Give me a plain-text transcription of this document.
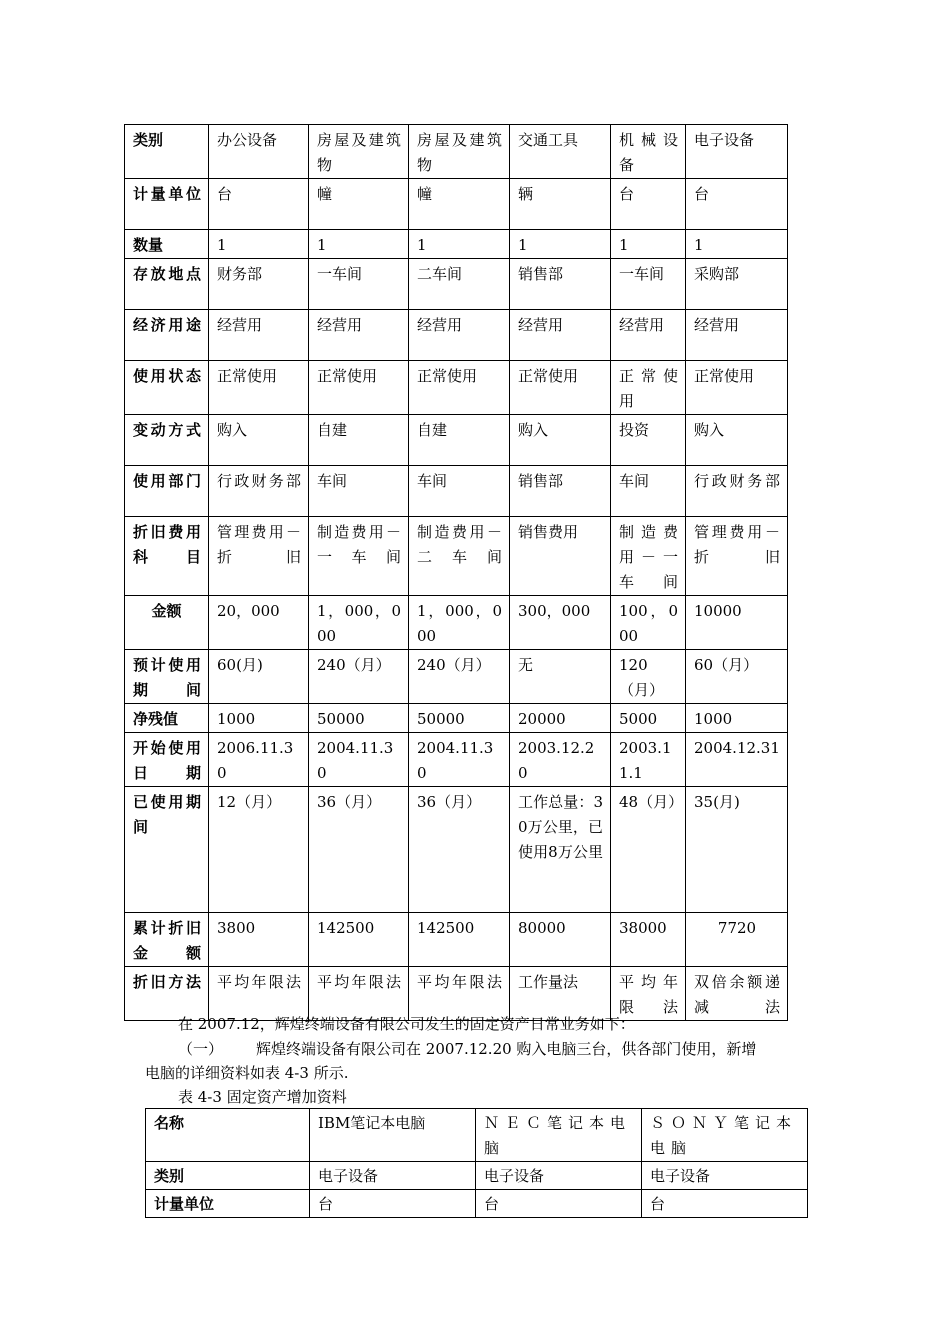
类别	办公设备	房屋及建筑物	房屋及建筑物	交通工具	机械设备	电子设备
计量单位	台	幢	幢	辆	台	台
数量	1	1	1	1	1	1
存放地点	财务部	一车间	二车间	销售部	一车间	采购部
经济用途	经营用	经营用	经营用	经营用	经营用	经营用
使用状态	正常使用	正常使用	正常使用	正常使用	正常使用	正常使用
变动方式	购入	自建	自建	购入	投资	购入
使用部门	行政财务部	车间	车间	销售部	车间	行政财务部
折旧费用科目	管理费用－折旧	制造费用－一车间	制造费用－二车间	销售费用	制造费用－一车间	管理费用－折旧
金额	20，000	1，000，000	1，000，000	300，000	100，000	10000
预计使用期间	60(月)	240（月）	240（月）	无	120（月）	60（月）
净残值	1000	50000	50000	20000	5000	1000
开始使用日期	2006.11.30	2004.11.30	2004.11.30	2003.12.20	2003.11.1	2004.12.31
已使用期间	12（月）	36（月）	36（月）	工作总量：30万公里，已使用8万公里	48（月）	35(月)
累计折旧金额	3800	142500	142500	80000	38000	7720
折旧方法	平均年限法	平均年限法	平均年限法	工作量法	平均年限法	双倍余额递减法

在 2007.12，辉煌终端设备有限公司发生的固定资产日常业务如下：

（一） 辉煌终端设备有限公司在 2007.12.20 购入电脑三台，供各部门使用，新增

电脑的详细资料如表 4-3 所示.

表 4-3 固定资产增加资料

名称	IBM笔记本电脑	ＮＥＣ笔记本电脑	ＳＯＮＹ笔记本电脑
类别	电子设备	电子设备	电子设备
计量单位	台	台	台
